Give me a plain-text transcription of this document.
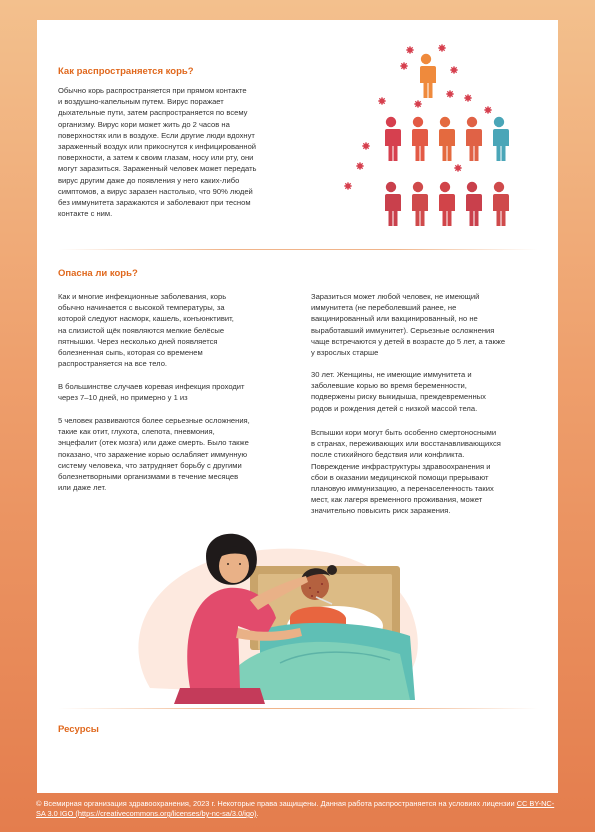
Как распространяется корь?
Обычно корь распространяется при прямом контакте
и воздушно-капельным путем. Вирус поражает
дыхательные пути, затем распространяется по всему
организму. Вирус кори может жить до 2 часов на
поверхностях или в воздухе. Если другие люди вдохнут
зараженный воздух или прикоснутся к инфицированной
поверхности, а затем к своим глазам, носу или рту, они
могут заразиться. Зараженный человек может передать
вирус другим даже до появления у него каких-либо
симптомов, а вирус заразен настолько, что 90% людей
без иммунитета заражаются и заболевают при тесном
контакте с ним.
Опасна ли корь?
Как и многие инфекционные заболевания, корь
обычно начинается с высокой температуры, за
которой следуют насморк, кашель, конъюнктивит,
на слизистой щёк появляются мелкие белёсые
пятнышки. Через несколько дней появляется
болезненная сыпь, которая со временем
распространяется на все тело.
В большинстве случаев коревая инфекция проходит
через 7–10 дней, но примерно у 1 из
5 человек развиваются более серьезные осложнения,
такие как отит, глухота, слепота, пневмония,
энцефалит (отек мозга) или даже смерть. Было также
показано, что заражение корью ослабляет иммунную
систему человека, что затрудняет борьбу с другими
болезнетворными организмами в течение месяцев
или даже лет.
Заразиться может любой человек, не имеющий
иммунитета (не переболевший ранее, не
вакцинированный или вакцинированный, но не
выработавший иммунитет). Серьезные осложнения
чаще встречаются у детей в возрасте до 5 лет, а также
у взрослых старше
30 лет. Женщины, не имеющие иммунитета и
заболевшие корью во время беременности,
подвержены риску выкидыша, преждевременных
родов и рождения детей с низкой массой тела.
Вспышки кори могут быть особенно смертоносными
в странах, переживающих или восстанавливающихся
после стихийного бедствия или конфликта.
Повреждение инфраструктуры здравоохранения и
сбои в оказании медицинской помощи прерывают
плановую иммунизацию, а перенаселенность таких
мест, как лагеря временного проживания, может
значительно повысить риск заражения.
Ресурсы
© Всемирная организация здравоохранения, 2023 г. Некоторые права защищены. Данная работа распространяется на условиях лицензии CC BY-NC-SA 3.0 IGO (https://creativecommons.org/licenses/by-nc-sa/3.0/igo).
